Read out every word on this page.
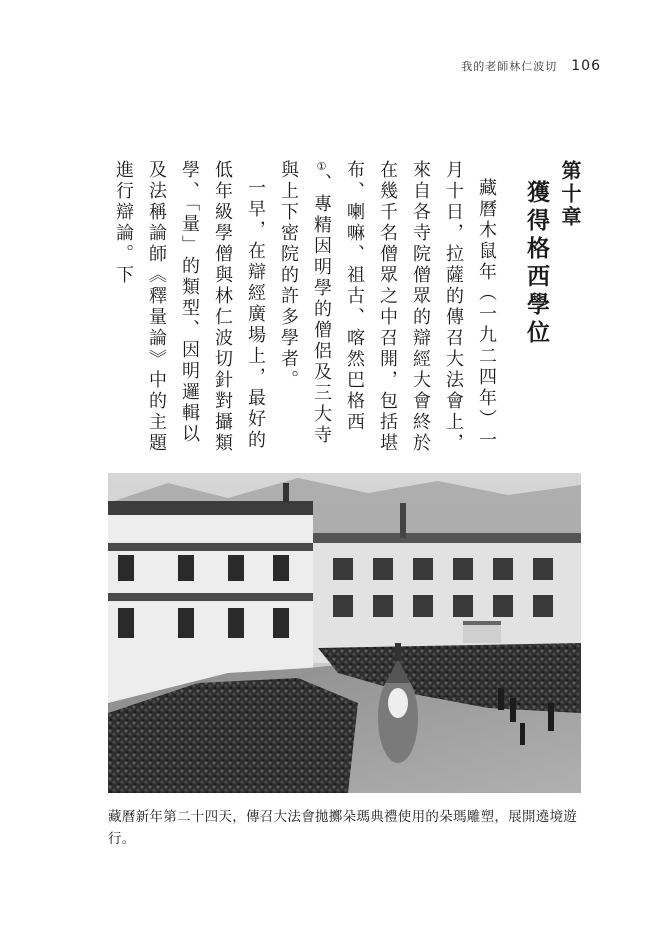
我的老師林仁波切 106
第十章
獲得格西學位

藏曆木鼠年（一九二四年）一月十日，拉薩的傳召大法會上，來自各寺院僧眾的辯經大會終於在幾千名僧眾之中召開，包括堪布、喇嘛、祖古、喀然巴格西①、專精因明學的僧侶及三大寺與上下密院的許多學者。

一早，在辯經廣場上，最好的低年級學僧與林仁波切針對攝類學、「量」的類型、因明邏輯以及法稱論師《釋量論》中的主題進行辯論。下

藏曆新年第二十四天，傳召大法會拋擲朵瑪典禮使用的朵瑪雕塑，展開遶境遊行。
